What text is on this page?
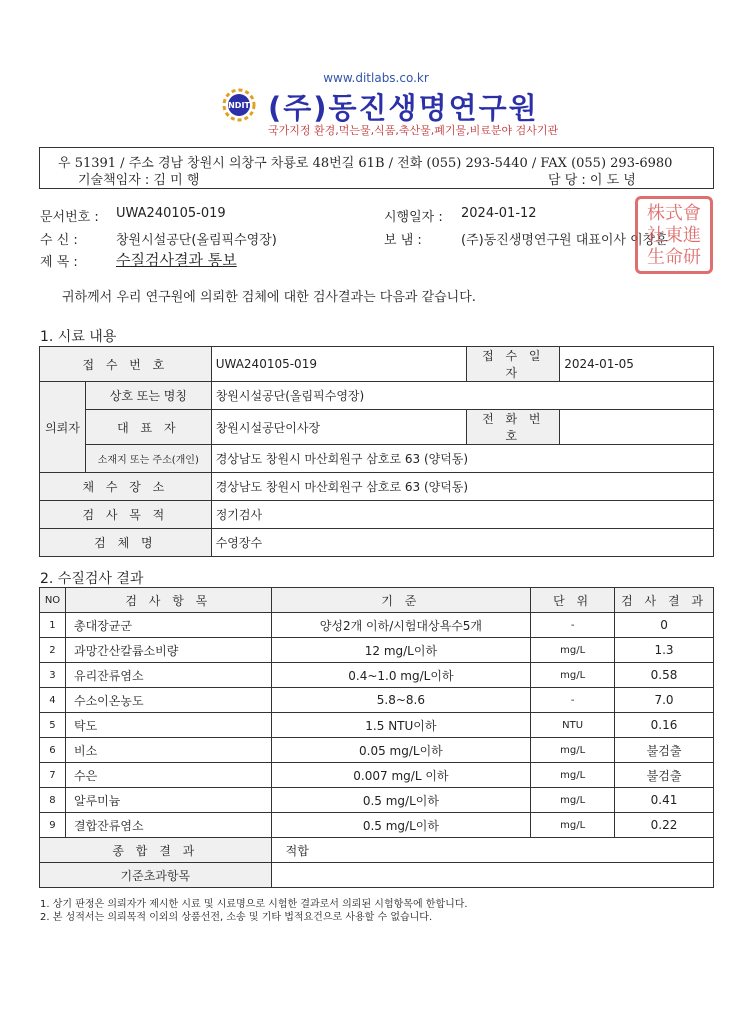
www.ditlabs.co.kr
NDIT (주)동진생명연구원
국가지정 환경,먹는물,식품,축산물,폐기물,비료분야 검사기관
우 51391 / 주소 경남 창원시 의창구 차룡로 48번길 61B / 전화 (055) 293-5440 / FAX (055) 293-6980
기술책임자 : 김 미 행	담 당 : 이 도 녕
문서번호 : UWA240105-019	시행일자 : 2024-01-12
수 신 :	창원시설공단(올림픽수영장)	보 냄 :	(주)동진생명연구원 대표이사 이창훈
제 목 :	수질검사결과 통보
株式會
社東進
生命研
귀하께서 우리 연구원에 의뢰한 검체에 대한 검사결과는 다음과 같습니다.
1. 시료 내용
접 수 번 호		UWA240105-019	접 수 일 자	2024-01-05
의뢰자	상호 또는 명칭	창원시설공단(올림픽수영장)		
	대 표 자	창원시설공단이사장	전 화 번 호	
	소재지 또는 주소(개인)	경상남도 창원시 마산회원구 삼호로 63 (양덕동)		
채 수 장 소		경상남도 창원시 마산회원구 삼호로 63 (양덕동)		
검 사 목 적		정기검사		
검 체 명		수영장수		
2. 수질검사 결과
NO	검 사 항 목	기 준	단 위	검 사 결 과
1	총대장균군	양성2개 이하/시험대상욕수5개	-	0
2	과망간산칼륨소비량	12 mg/L이하	mg/L	1.3
3	유리잔류염소	0.4~1.0 mg/L이하	mg/L	0.58
4	수소이온농도	5.8~8.6	-	7.0
5	탁도	1.5 NTU이하	NTU	0.16
6	비소	0.05 mg/L이하	mg/L	불검출
7	수은	0.007 mg/L 이하	mg/L	불검출
8	알루미늄	0.5 mg/L이하	mg/L	0.41
9	결합잔류염소	0.5 mg/L이하	mg/L	0.22
종 합 결 과		적합		
기준초과항목				
1. 상기 판정은 의뢰자가 제시한 시료 및 시료명으로 시험한 결과로서 의뢰된 시험항목에 한합니다.
2. 본 성적서는 의뢰목적 이외의 상품선전, 소송 및 기타 법적요건으로 사용할 수 없습니다.
